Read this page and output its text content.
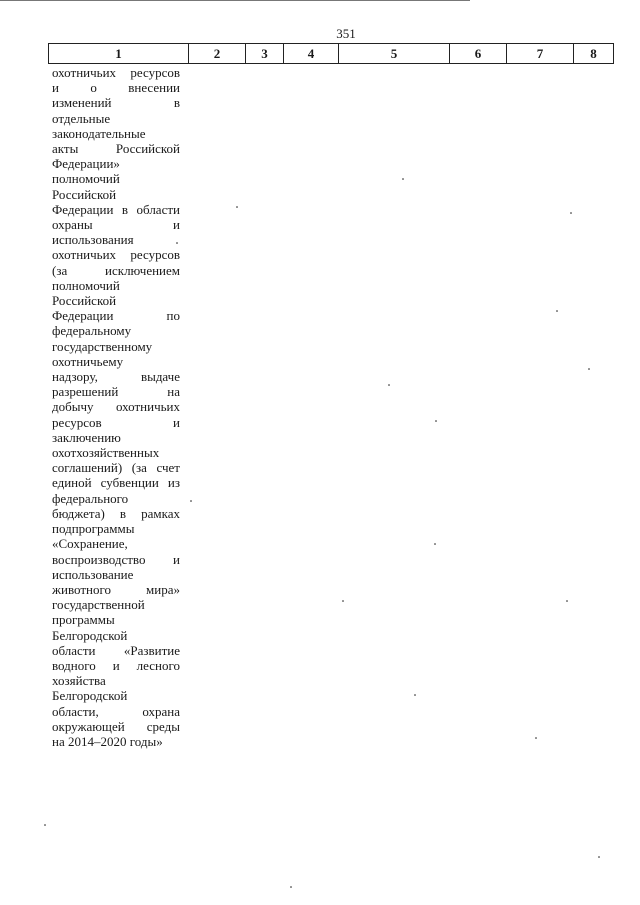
351
1	2	3	4	5	6	7	8
охотничьих ресурсов
и о внесении
изменений в
отдельные
законодательные
акты Российской
Федерации»
полномочий
Российской
Федерации в области
охраны и
использования
охотничьих ресурсов
(за исключением
полномочий
Российской
Федерации по
федеральному
государственному
охотничьему
надзору, выдаче
разрешений на
добычу охотничьих
ресурсов и
заключению
охотхозяйственных
соглашений) (за счет
единой субвенции из
федерального
бюджета) в рамках
подпрограммы
«Сохранение,
воспроизводство и
использование
животного мира»
государственной
программы
Белгородской
области «Развитие
водного и лесного
хозяйства
Белгородской
области, охрана
окружающей среды
на 2014–2020 годы»
